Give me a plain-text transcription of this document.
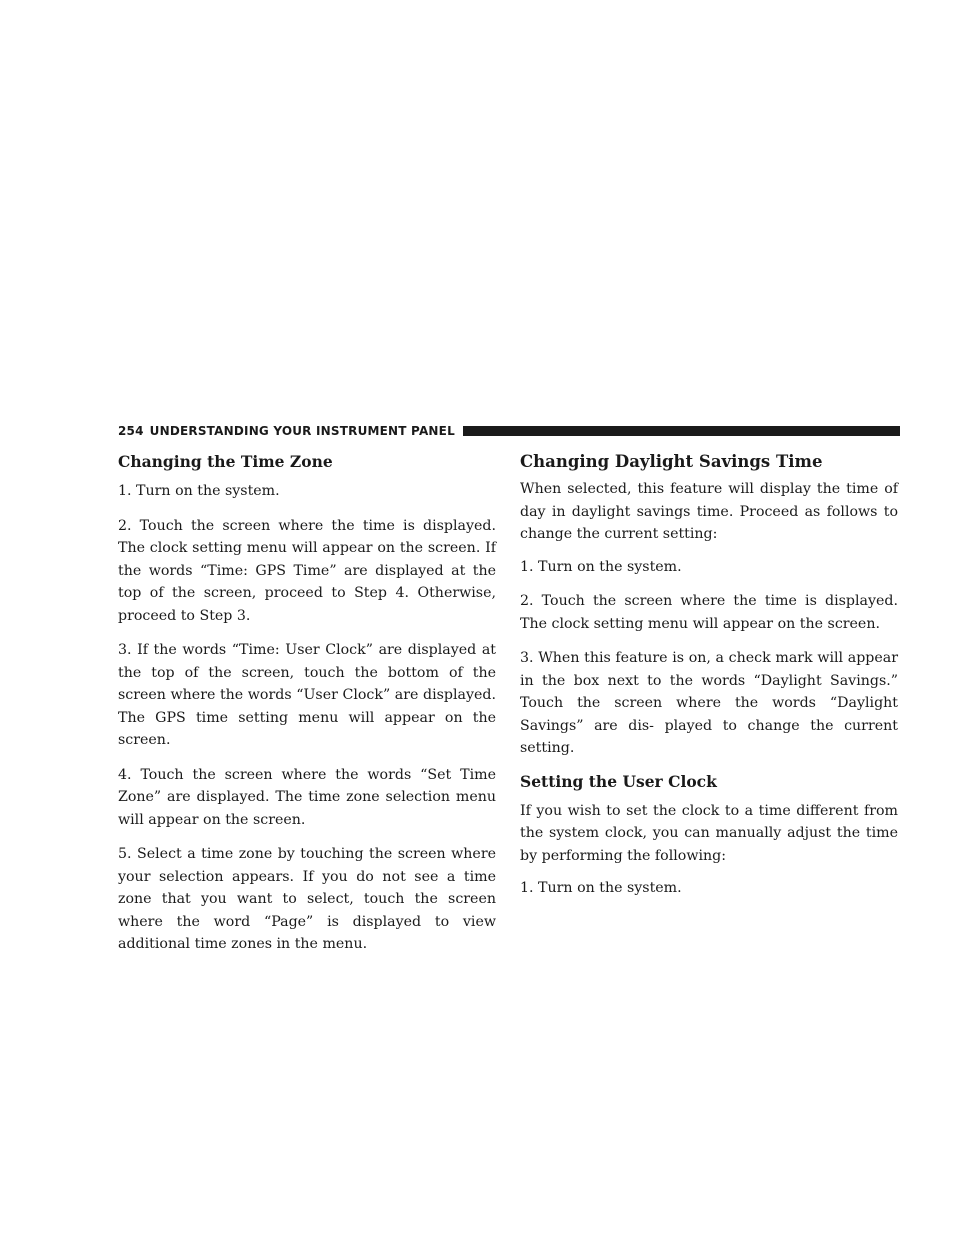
254 UNDERSTANDING YOUR INSTRUMENT PANEL
Changing the Time Zone

1. Turn on the system.

2. Touch the screen where the time is displayed. The clock setting menu will appear on the screen. If the words “Time: GPS Time” are displayed at the top of the screen, proceed to Step 4. Otherwise, proceed to Step 3.

3. If the words “Time: User Clock” are displayed at the top of the screen, touch the bottom of the screen where the words “User Clock” are displayed. The GPS time setting menu will appear on the screen.

4. Touch the screen where the words “Set Time Zone” are displayed. The time zone selection menu will appear on the screen.

5. Select a time zone by touching the screen where your selection appears. If you do not see a time zone that you want to select, touch the screen where the word “Page” is displayed to view additional time zones in the menu.

Changing Daylight Savings Time

When selected, this feature will display the time of day in daylight savings time. Proceed as follows to change the current setting:

1. Turn on the system.

2. Touch the screen where the time is displayed. The clock setting menu will appear on the screen.

3. When this feature is on, a check mark will appear in the box next to the words “Daylight Savings.” Touch the screen where the words “Daylight Savings” are dis- played to change the current setting.

Setting the User Clock

If you wish to set the clock to a time different from the system clock, you can manually adjust the time by performing the following:

1. Turn on the system.
